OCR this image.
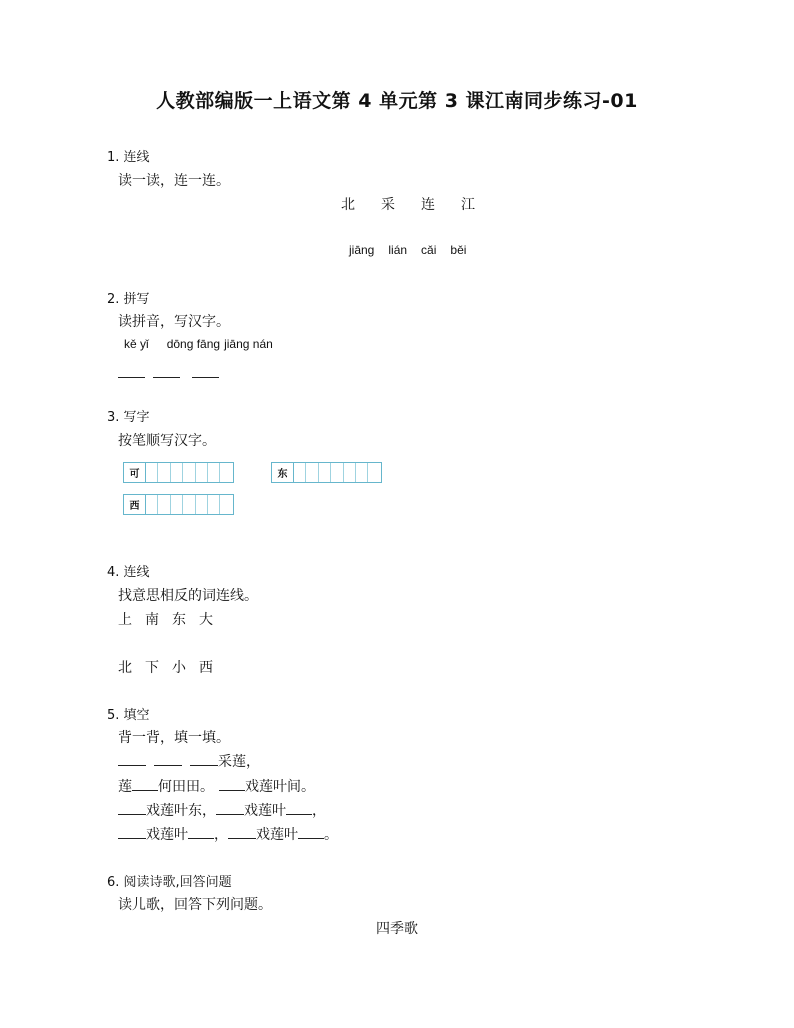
人教部编版一上语文第 4 单元第 3 课江南同步练习-01
1. 连线
读一读，连一连。
北 采 连 江
jiāng lián cǎi běi
2. 拼写
读拼音，写汉字。
kě yǐ dōng fāng jiāng nán
3. 写字
按笔顺写汉字。
可	东
西
4. 连线
找意思相反的词连线。
上 南 东 大
北 下 小 西
5. 填空
背一背，填一填。
采莲，
莲 何田田。 戏莲叶间。
戏莲叶东， 戏莲叶 ，
戏莲叶 ， 戏莲叶 。
6. 阅读诗歌,回答问题
读儿歌，回答下列问题。
四季歌
